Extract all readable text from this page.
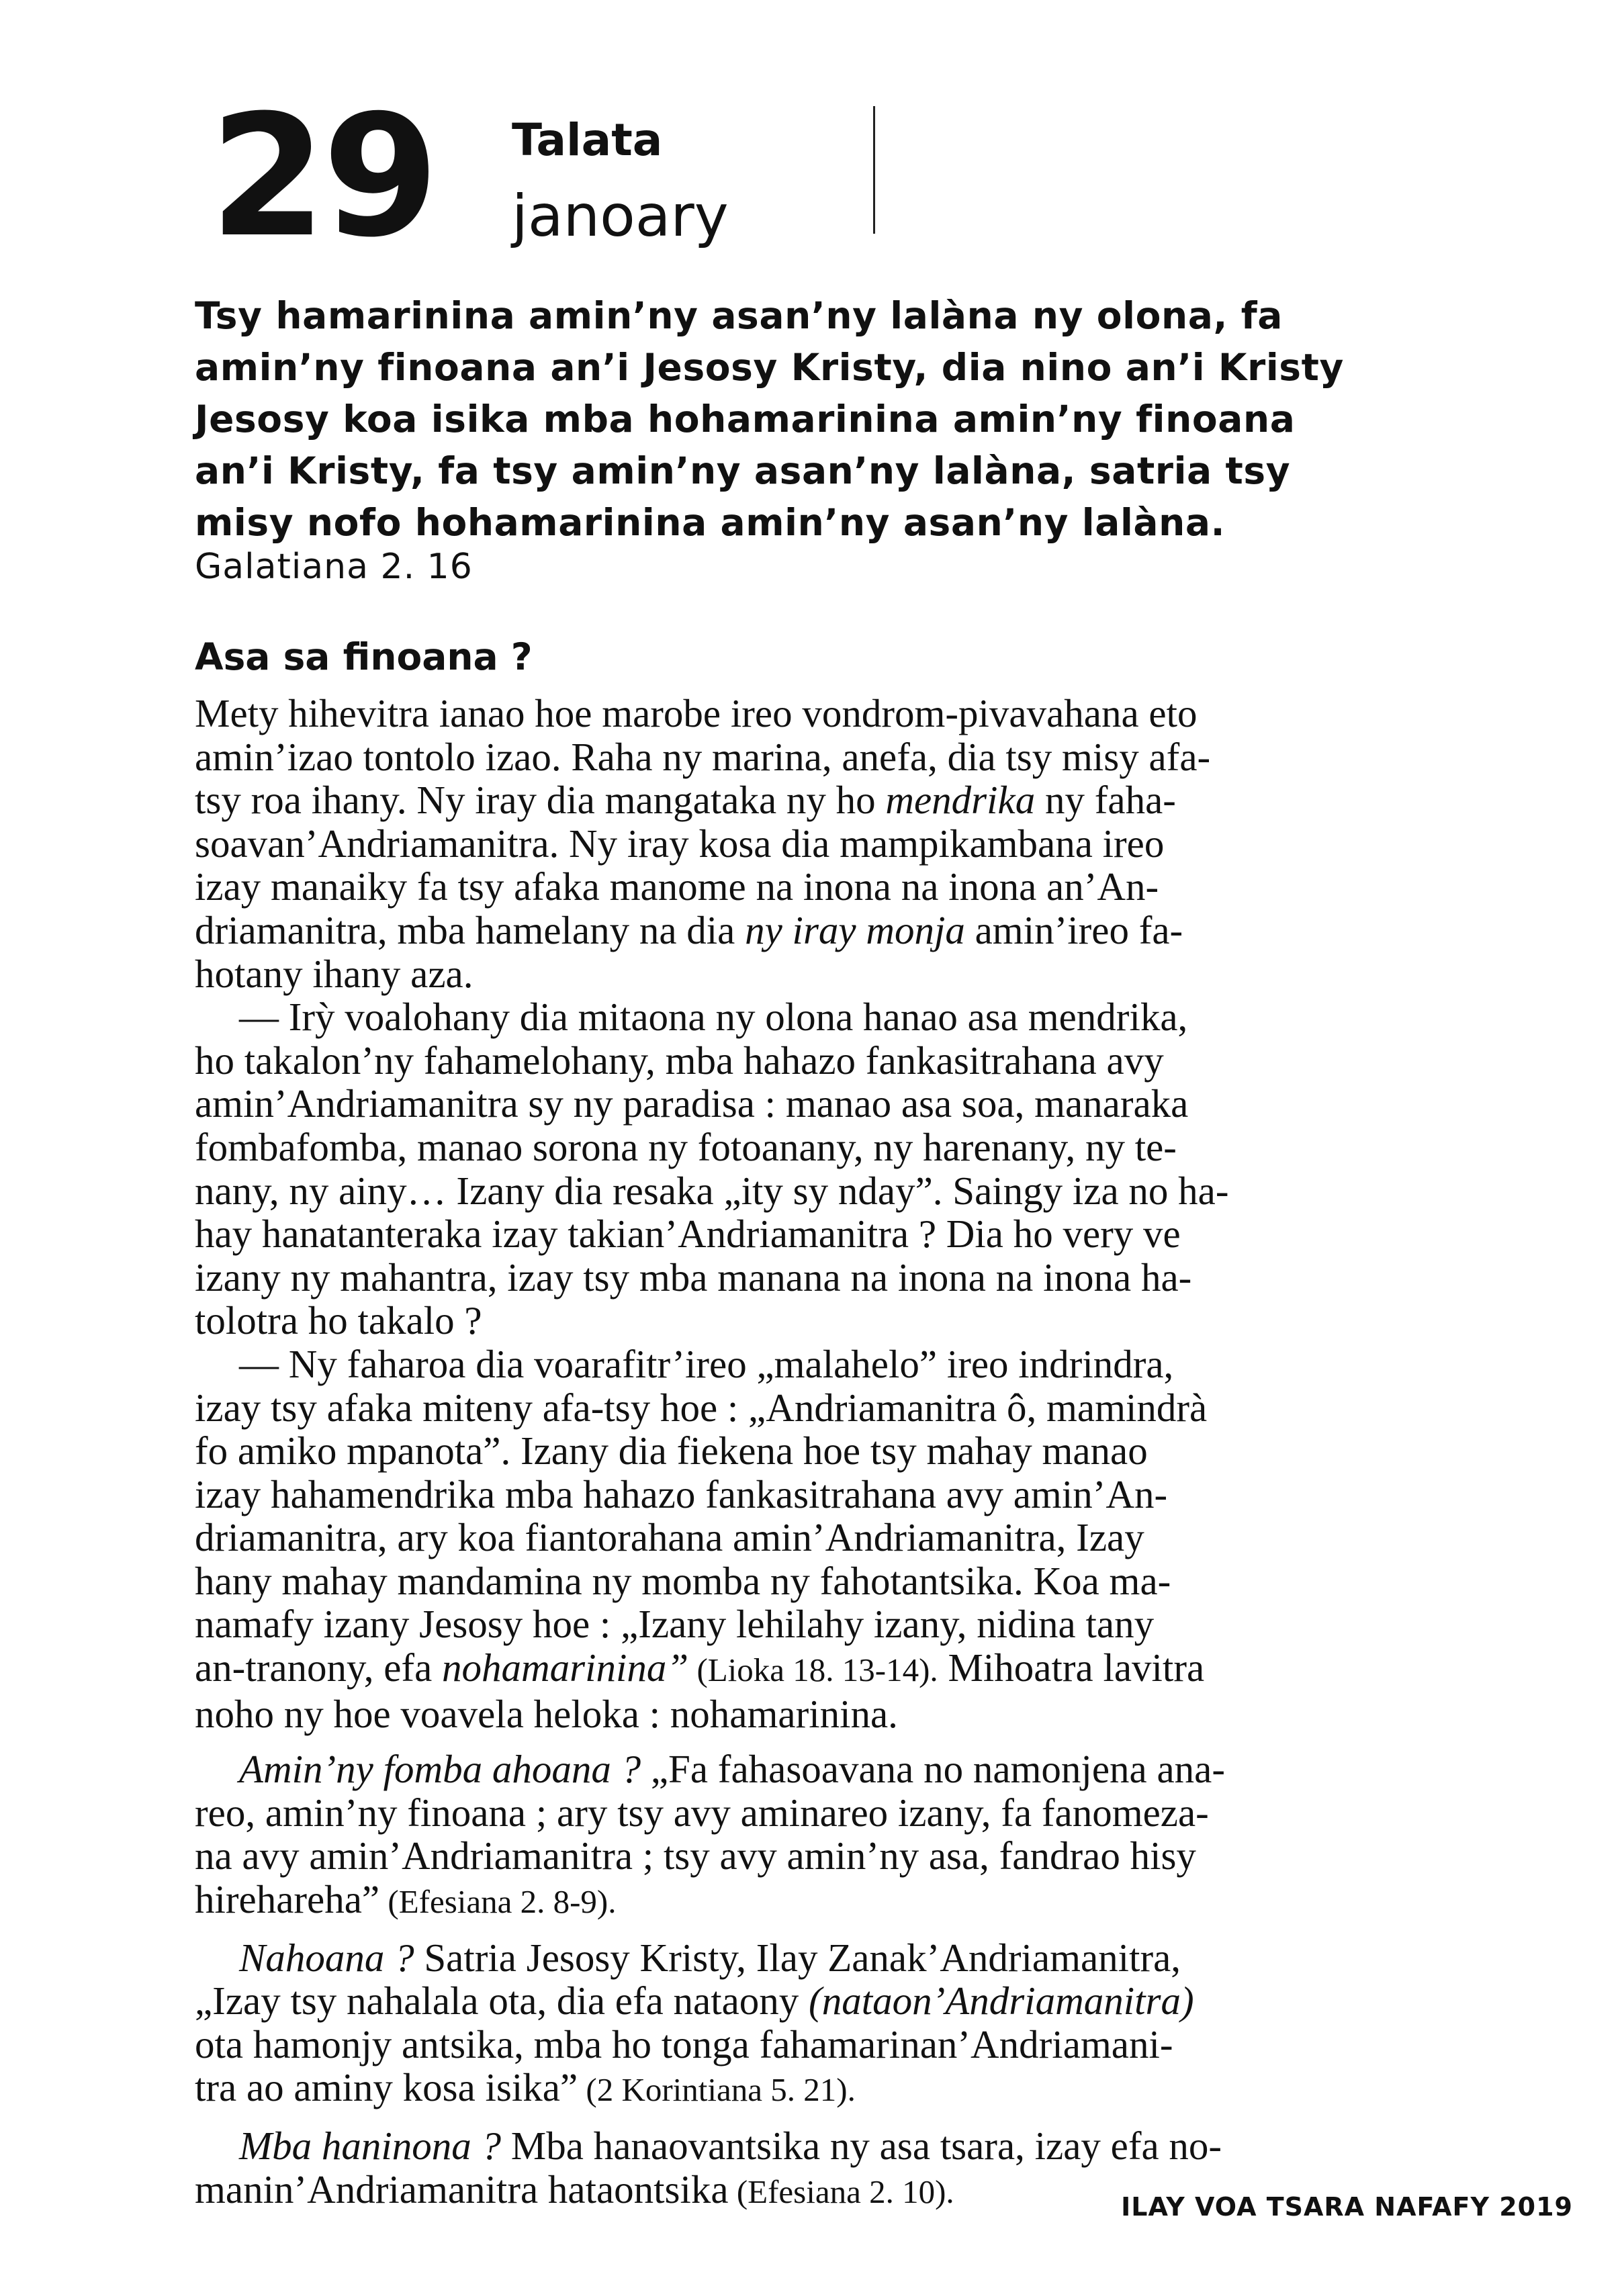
29 Talata
janoary
Tsy hamarinina amin’ny asan’ny lalàna ny olona, fa
amin’ny finoana an’i Jesosy Kristy, dia nino an’i Kristy
Jesosy koa isika mba hohamarinina amin’ny finoana
an’i Kristy, fa tsy amin’ny asan’ny lalàna, satria tsy
misy nofo hohamarinina amin’ny asan’ny lalàna.
Galatiana 2. 16
Asa sa finoana ?
Mety hihevitra ianao hoe marobe ireo vondrom-pivavahana eto
amin’izao tontolo izao. Raha ny marina, anefa, dia tsy misy afa-
tsy roa ihany. Ny iray dia mangataka ny ho mendrika ny faha-
soavan’Andriamanitra. Ny iray kosa dia mampikambana ireo
izay manaiky fa tsy afaka manome na inona na inona an’An-
driamanitra, mba hamelany na dia ny iray monja amin’ireo fa-
hotany ihany aza.
— Irỳ voalohany dia mitaona ny olona hanao asa mendrika,
ho takalon’ny fahamelohany, mba hahazo fankasitrahana avy
amin’Andriamanitra sy ny paradisa : manao asa soa, manaraka
fombafomba, manao sorona ny fotoanany, ny harenany, ny te-
nany, ny ainy… Izany dia resaka „ity sy nday”. Saingy iza no ha-
hay hanatanteraka izay takian’Andriamanitra ? Dia ho very ve
izany ny mahantra, izay tsy mba manana na inona na inona ha-
tolotra ho takalo ?
— Ny faharoa dia voarafitr’ireo „malahelo” ireo indrindra,
izay tsy afaka miteny afa-tsy hoe : „Andriamanitra ô, mamindrà
fo amiko mpanota”. Izany dia fiekena hoe tsy mahay manao
izay hahamendrika mba hahazo fankasitrahana avy amin’An-
driamanitra, ary koa fiantorahana amin’Andriamanitra, Izay
hany mahay mandamina ny momba ny fahotantsika. Koa ma-
namafy izany Jesosy hoe : „Izany lehilahy izany, nidina tany
an-tranony, efa nohamarinina” (Lioka 18. 13-14). Mihoatra lavitra
noho ny hoe voavela heloka : nohamarinina.
Amin’ny fomba ahoana ? „Fa fahasoavana no namonjena ana-
reo, amin’ny finoana ; ary tsy avy aminareo izany, fa fanomeza-
na avy amin’Andriamanitra ; tsy avy amin’ny asa, fandrao hisy
hirehareha” (Efesiana 2. 8-9).
Nahoana ? Satria Jesosy Kristy, Ilay Zanak’Andriamanitra,
„Izay tsy nahalala ota, dia efa nataony (nataon’Andriamanitra)
ota hamonjy antsika, mba ho tonga fahamarinan’Andriamani-
tra ao aminy kosa isika” (2 Korintiana 5. 21).
Mba haninona ? Mba hanaovantsika ny asa tsara, izay efa no-
manin’Andriamanitra hataontsika (Efesiana 2. 10).	ILAY VOA TSARA NAFAFY 2019
